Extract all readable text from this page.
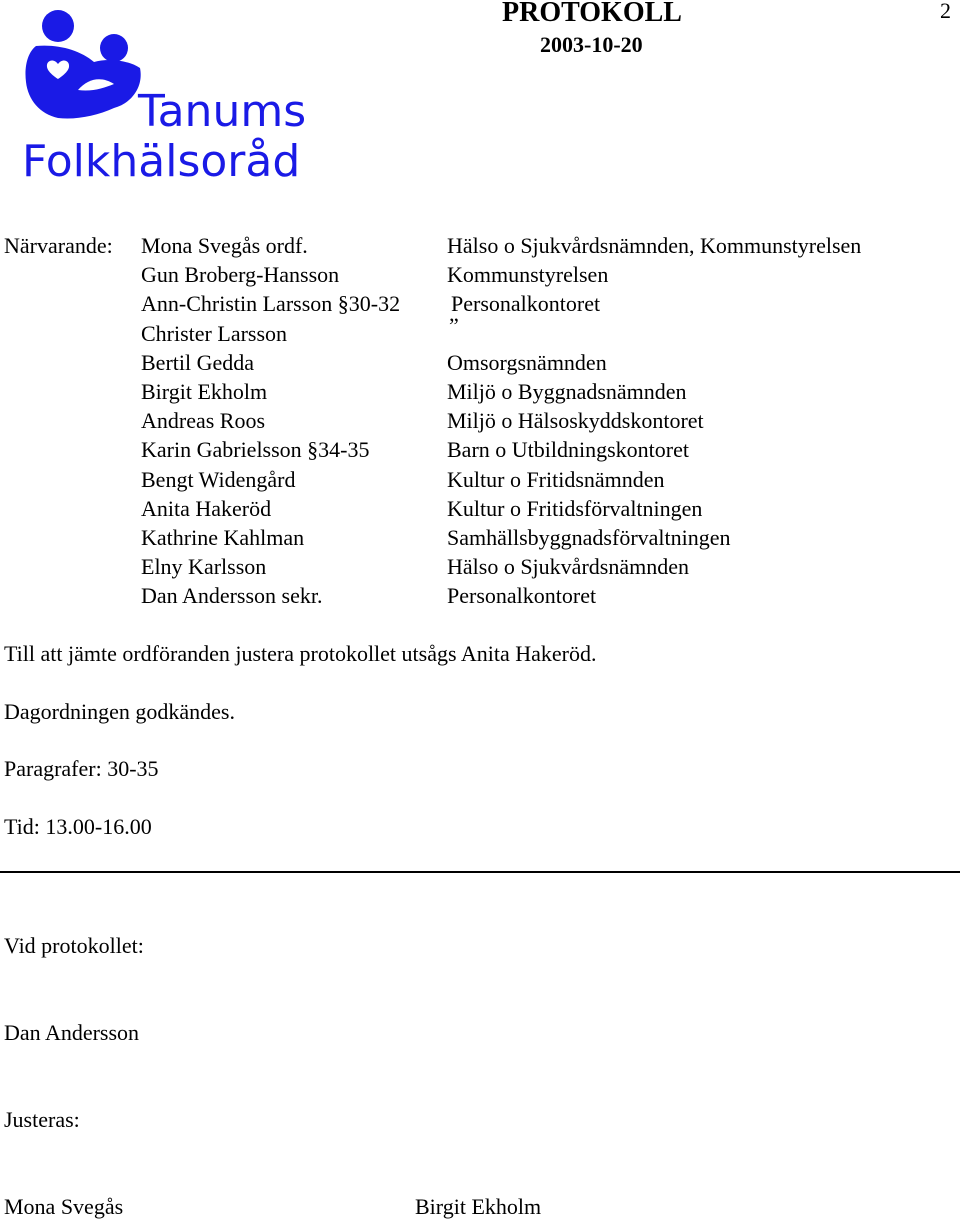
PROTOKOLL
2003-10-20
2
Tanums
Folkhälsoråd
Närvarande: Mona Svegås ordf.	Hälso o Sjukvårdsnämnden, Kommunstyrelsen
Gun Broberg-Hansson	Kommunstyrelsen
Ann-Christin Larsson §30-32 Personalkontoret
Christer Larsson	”
Bertil Gedda	Omsorgsnämnden
Birgit Ekholm	Miljö o Byggnadsnämnden
Andreas Roos	Miljö o Hälsoskyddskontoret
Karin Gabrielsson §34-35	Barn o Utbildningskontoret
Bengt Widengård	Kultur o Fritidsnämnden
Anita Hakeröd	Kultur o Fritidsförvaltningen
Kathrine Kahlman	Samhällsbyggnadsförvaltningen
Elny Karlsson	Hälso o Sjukvårdsnämnden
Dan Andersson sekr.	Personalkontoret
Till att jämte ordföranden justera protokollet utsågs Anita Hakeröd.
Dagordningen godkändes.
Paragrafer: 30-35
Tid: 13.00-16.00
Vid protokollet:
Dan Andersson
Justeras:
Mona Svegås	Birgit Ekholm
